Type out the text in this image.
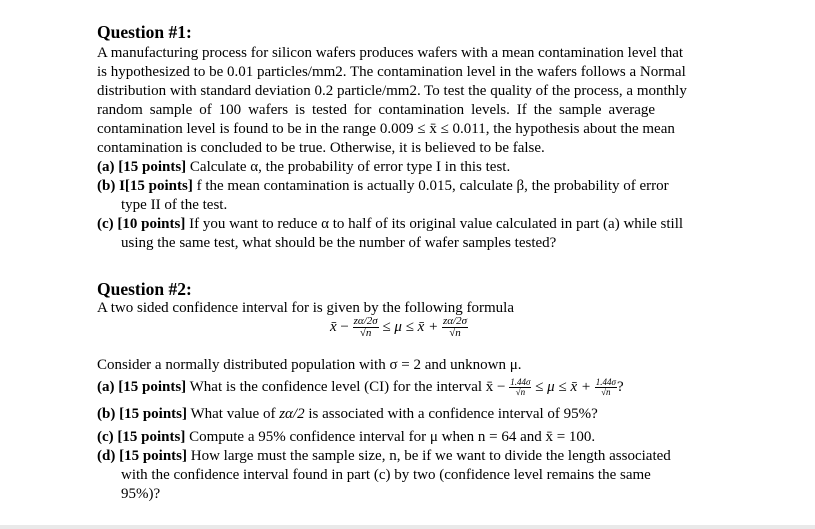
Question #1:
A manufacturing process for silicon wafers produces wafers with a mean contamination level that
is hypothesized to be 0.01 particles/mm2. The contamination level in the wafers follows a Normal
distribution with standard deviation 0.2 particle/mm2. To test the quality of the process, a monthly
random sample of 100 wafers is tested for contamination levels. If the sample average
contamination level is found to be in the range 0.009 ≤ x̄ ≤ 0.011, the hypothesis about the mean
contamination is concluded to be true. Otherwise, it is believed to be false.
(a) [15 points] Calculate α, the probability of error type I in this test.
(b) I[15 points] f the mean contamination is actually 0.015, calculate β, the probability of error
type II of the test.
(c) [10 points] If you want to reduce α to half of its original value calculated in part (a) while still
using the same test, what should be the number of wafer samples tested?
Question #2:
A two sided confidence interval for is given by the following formula
x̄ − $\frac{z\alpha/2\sigma}{√n} \le \mu$ ≤ x̄ + $\frac{z\alpha/2\sigma}{√n}$
Consider a normally distributed population with σ = 2 and unknown μ.
(a) [15 points] What is the confidence level (CI) for the interval x̄ − $\frac{1.44\sigma}{√n} \le \mu$ ≤ x̄ + $\frac{1.44\sigma}{√n}$ ?
(b) [15 points] What value of zα/2 is associated with a confidence interval of 95%?
(c) [15 points] Compute a 95% confidence interval for μ when n = 64 and x̄ = 100.
(d) [15 points] How large must the sample size, n, be if we want to divide the length associated
with the confidence interval found in part (c) by two (confidence level remains the same
95%)?
